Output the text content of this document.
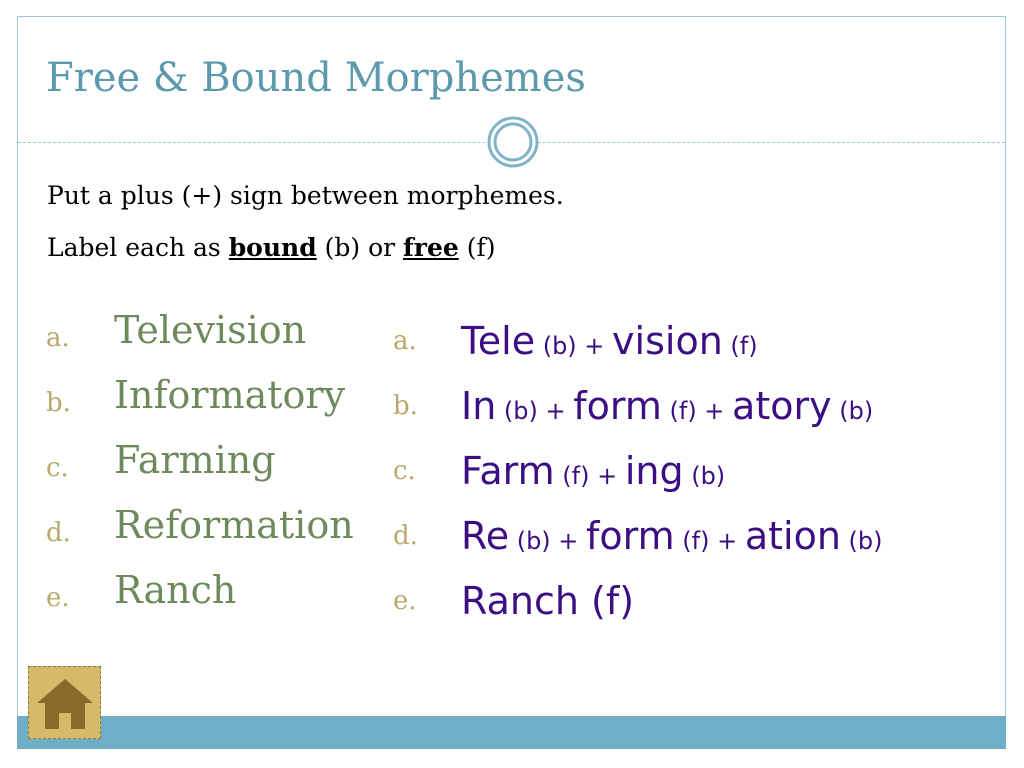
Free & Bound Morphemes
Put a plus (+) sign between morphemes.
Label each as bound (b) or free (f)
a. Television
b. Informatory
c. Farming
d. Reformation
e. Ranch
a. Tele (b) + vision (f)
b. In (b) + form (f) + atory (b)
c. Farm (f) + ing (b)
d. Re (b) + form (f) + ation (b)
e. Ranch (f)
